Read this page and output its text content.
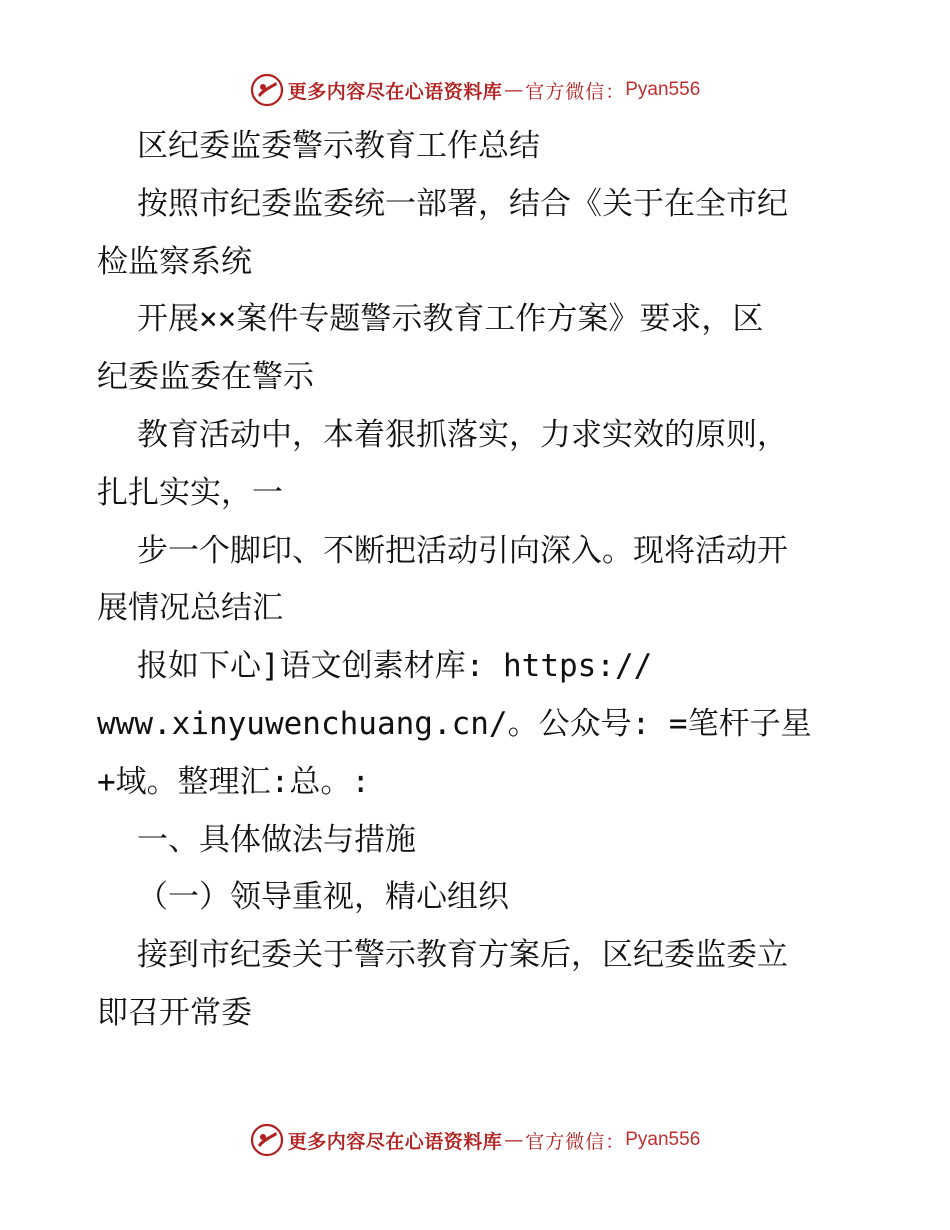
更多内容尽在心语资料库 — 官方微信： Pyan556
区纪委监委警示教育工作总结
按照市纪委监委统一部署，结合《关于在全市纪
检监察系统
开展××案件专题警示教育工作方案》要求，区
纪委监委在警示
教育活动中，本着狠抓落实，力求实效的原则，
扎扎实实，一
步一个脚印、不断把活动引向深入。现将活动开
展情况总结汇
报如下心]语文创素材库: https://
www.xinyuwenchuang.cn/。公众号: =笔杆子星
+域。整理汇:总。:
一、具体做法与措施
（一）领导重视，精心组织
接到市纪委关于警示教育方案后，区纪委监委立
即召开常委
更多内容尽在心语资料库 — 官方微信： Pyan556
